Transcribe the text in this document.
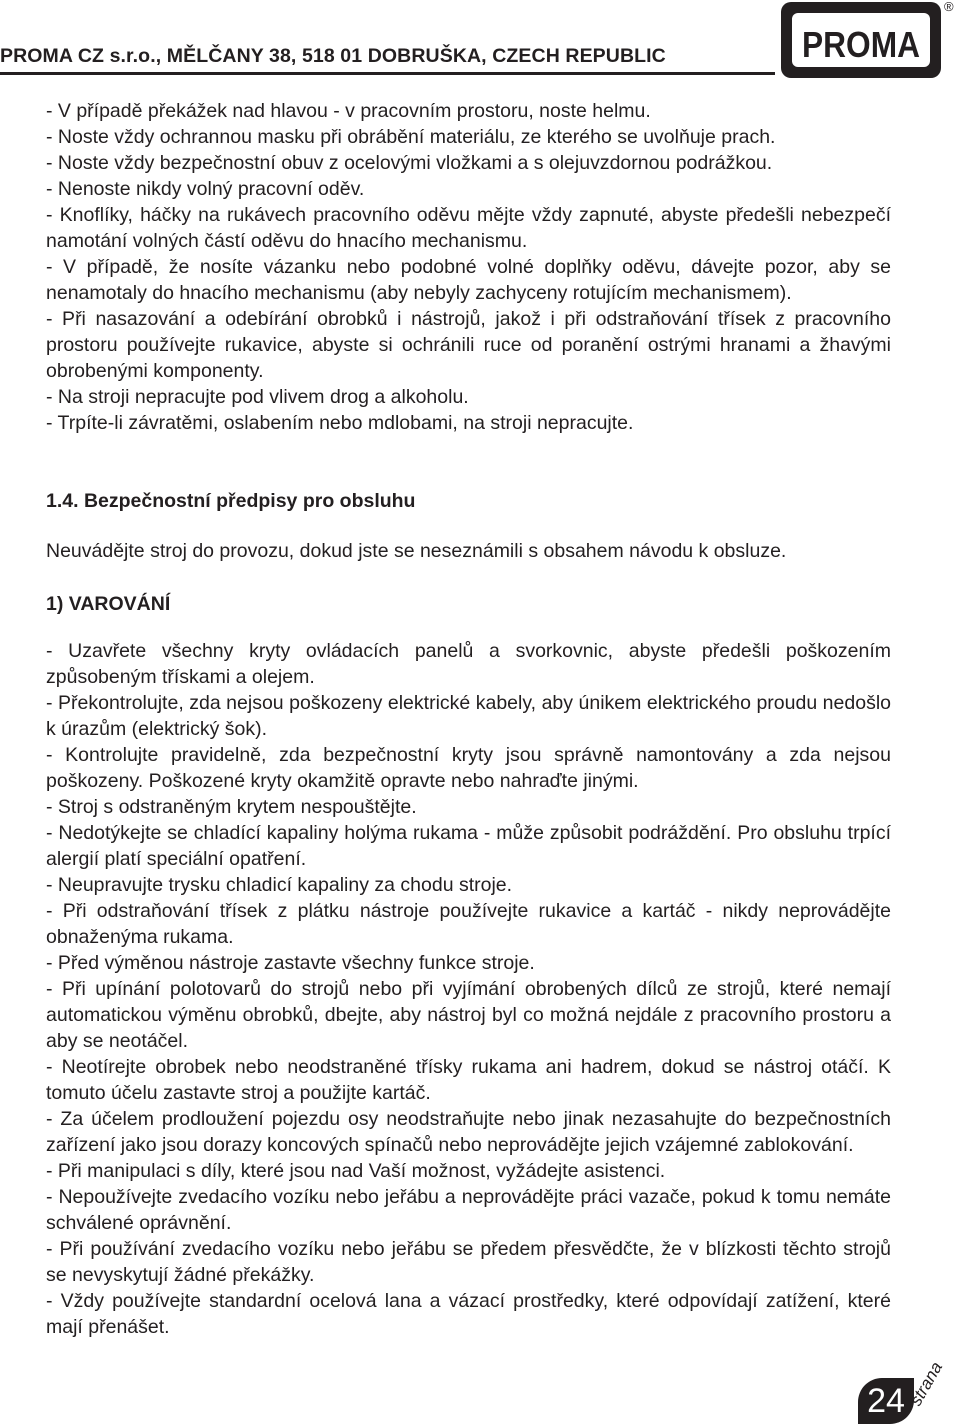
PROMA CZ s.r.o., MĚLČANY 38, 518 01 DOBRUŠKA, CZECH REPUBLIC	PROMA
®

- V případě překážek nad hlavou - v pracovním prostoru, noste helmu.

- Noste vždy ochrannou masku při obrábění materiálu, ze kterého se uvolňuje prach.

- Noste vždy bezpečnostní obuv z ocelovými vložkami a s olejuvzdornou podrážkou.

- Nenoste nikdy volný pracovní oděv.

- Knoflíky, háčky na rukávech pracovního oděvu mějte vždy zapnuté, abyste předešli nebezpečí namotání volných částí oděvu do hnacího mechanismu.

- V případě, že nosíte vázanku nebo podobné volné doplňky oděvu, dávejte pozor, aby se nenamotaly do hnacího mechanismu (aby nebyly zachyceny rotujícím mechanismem).

- Při nasazování a odebírání obrobků i nástrojů, jakož i při odstraňování třísek z pracovního prostoru používejte rukavice, abyste si ochránili ruce od poranění ostrými hranami a žhavými obrobenými komponenty.

- Na stroji nepracujte pod vlivem drog a alkoholu.

- Trpíte-li závratěmi, oslabením nebo mdlobami, na stroji nepracujte.

1.4. Bezpečnostní předpisy pro obsluhu
Neuvádějte stroj do provozu, dokud jste se neseznámili s obsahem návodu k obsluze.
1) VAROVÁNÍ

- Uzavřete všechny kryty ovládacích panelů a svorkovnic, abyste předešli poškozením způsobeným třískami a olejem.

- Překontrolujte, zda nejsou poškozeny elektrické kabely, aby únikem elektrického proudu nedošlo k úrazům (elektrický šok).

- Kontrolujte pravidelně, zda bezpečnostní kryty jsou správně namontovány a zda nejsou poškozeny. Poškozené kryty okamžitě opravte nebo nahraďte jinými.

- Stroj s odstraněným krytem nespouštějte.

- Nedotýkejte se chladící kapaliny holýma rukama - může způsobit podráždění. Pro obsluhu trpící alergií platí speciální opatření.

- Neupravujte trysku chladicí kapaliny za chodu stroje.

- Při odstraňování třísek z plátku nástroje používejte rukavice a kartáč - nikdy neprovádějte obnaženýma rukama.

- Před výměnou nástroje zastavte všechny funkce stroje.

- Při upínání polotovarů do strojů nebo při vyjímání obrobených dílců ze strojů, které nemají automatickou výměnu obrobků, dbejte, aby nástroj byl co možná nejdále z pracovního prostoru a aby se neotáčel.

- Neotírejte obrobek nebo neodstraněné třísky rukama ani hadrem, dokud se nástroj otáčí. K tomuto účelu zastavte stroj a použijte kartáč.

- Za účelem prodloužení pojezdu osy neodstraňujte nebo jinak nezasahujte do bezpečnostních zařízení jako jsou dorazy koncových spínačů nebo neprovádějte jejich vzájemné zablokování.

- Při manipulaci s díly, které jsou nad Vaší možnost, vyžádejte asistenci.

- Nepoužívejte zvedacího vozíku nebo jeřábu a neprovádějte práci vazače, pokud k tomu nemáte schválené oprávnění.

- Při používání zvedacího vozíku nebo jeřábu se předem přesvědčte, že v blízkosti těchto strojů se nevyskytují žádné překážky.

- Vždy používejte standardní ocelová lana a vázací prostředky, které odpovídají zatížení, které mají přenášet.

24 strana
